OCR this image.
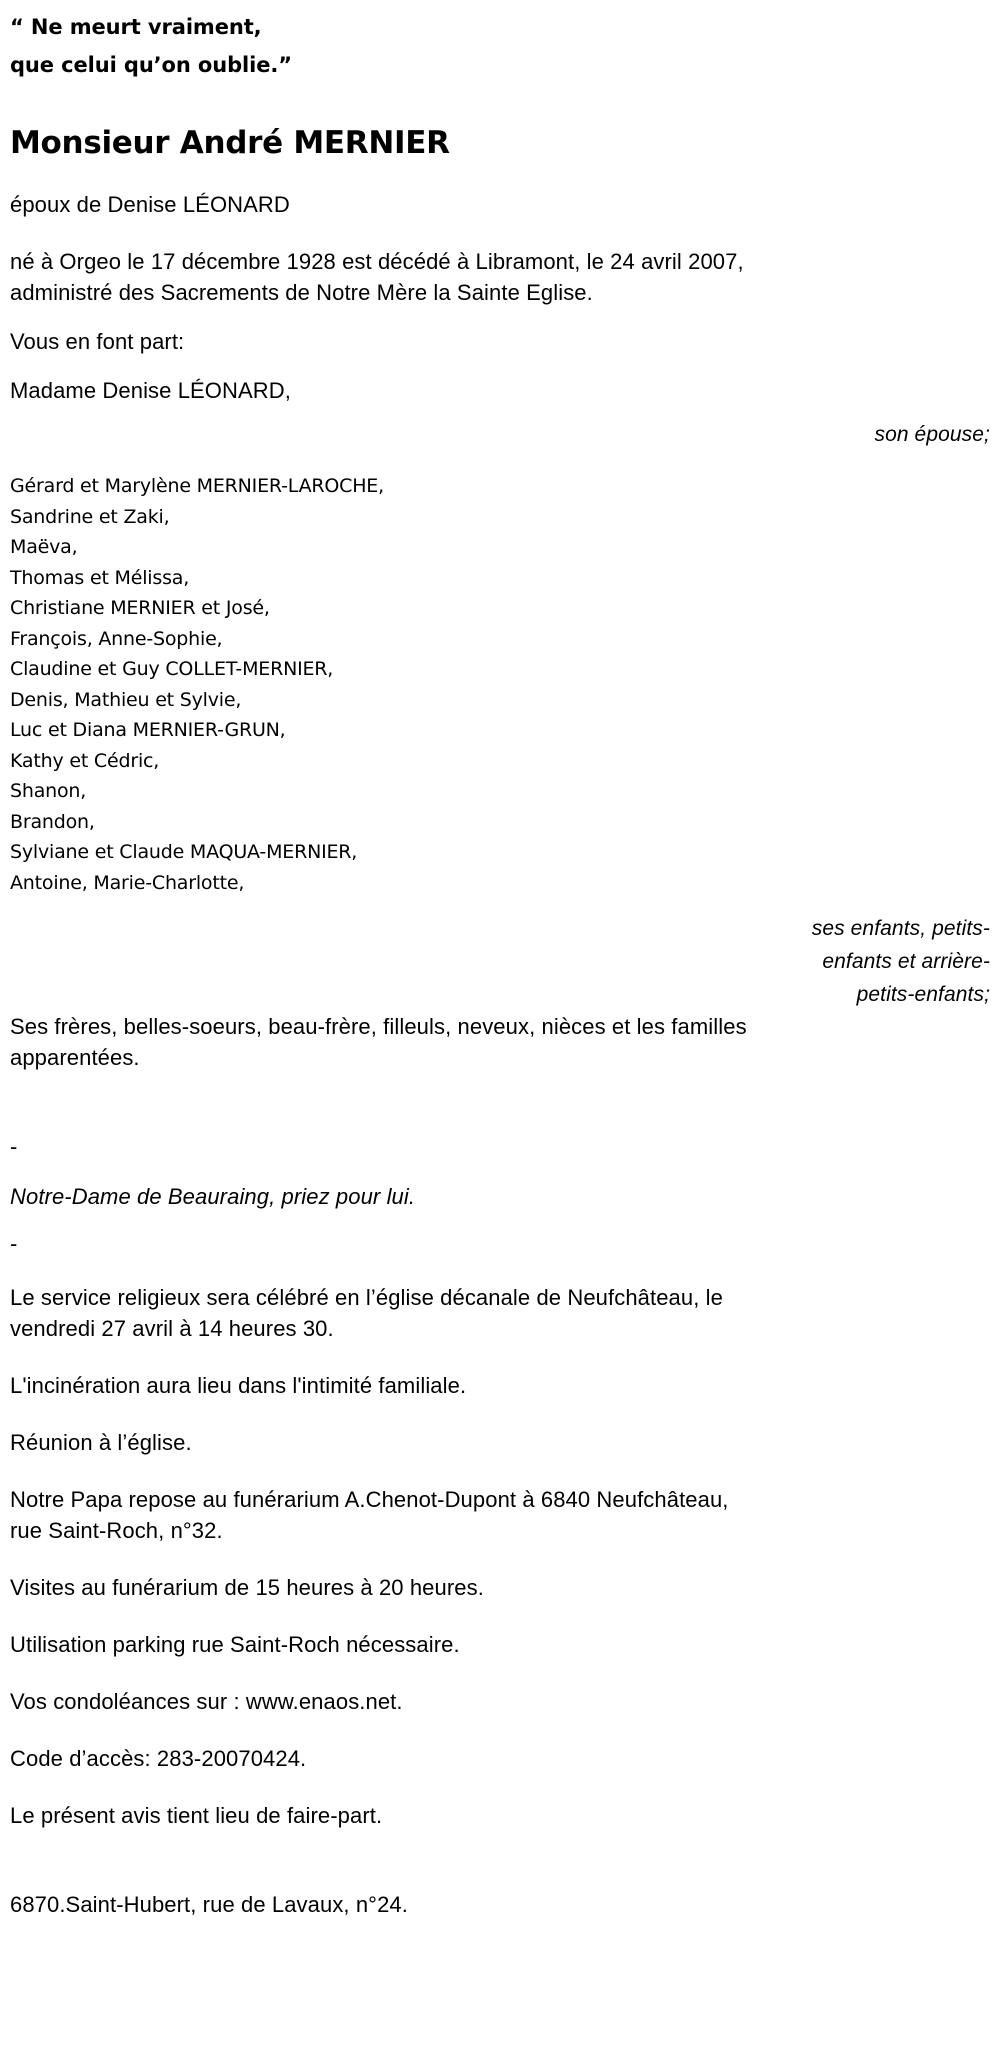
“ Ne meurt vraiment,
que celui qu’on oublie.”
Monsieur André MERNIER
époux de Denise LÉONARD
né à Orgeo le 17 décembre 1928 est décédé à Libramont, le 24 avril 2007,
administré des Sacrements de Notre Mère la Sainte Eglise.
Vous en font part:
Madame Denise LÉONARD,
son épouse;
Gérard et Marylène MERNIER-LAROCHE,
Sandrine et Zaki,
Maëva,
Thomas et Mélissa,
Christiane MERNIER et José,
François, Anne-Sophie,
Claudine et Guy COLLET-MERNIER,
Denis, Mathieu et Sylvie,
Luc et Diana MERNIER-GRUN,
Kathy et Cédric,
Shanon,
Brandon,
Sylviane et Claude MAQUA-MERNIER,
Antoine, Marie-Charlotte,
ses enfants, petits-
enfants et arrière-
petits-enfants;
Ses frères, belles-soeurs, beau-frère, filleuls, neveux, nièces et les familles
apparentées.
-
Notre-Dame de Beauraing, priez pour lui.
-
Le service religieux sera célébré en l’église décanale de Neufchâteau, le
vendredi 27 avril à 14 heures 30.
L'incinération aura lieu dans l'intimité familiale.
Réunion à l’église.
Notre Papa repose au funérarium A.Chenot-Dupont à 6840 Neufchâteau,
rue Saint-Roch, n°32.
Visites au funérarium de 15 heures à 20 heures.
Utilisation parking rue Saint-Roch nécessaire.
Vos condoléances sur : www.enaos.net.
Code d’accès: 283-20070424.
Le présent avis tient lieu de faire-part.
6870.Saint-Hubert, rue de Lavaux, n°24.
